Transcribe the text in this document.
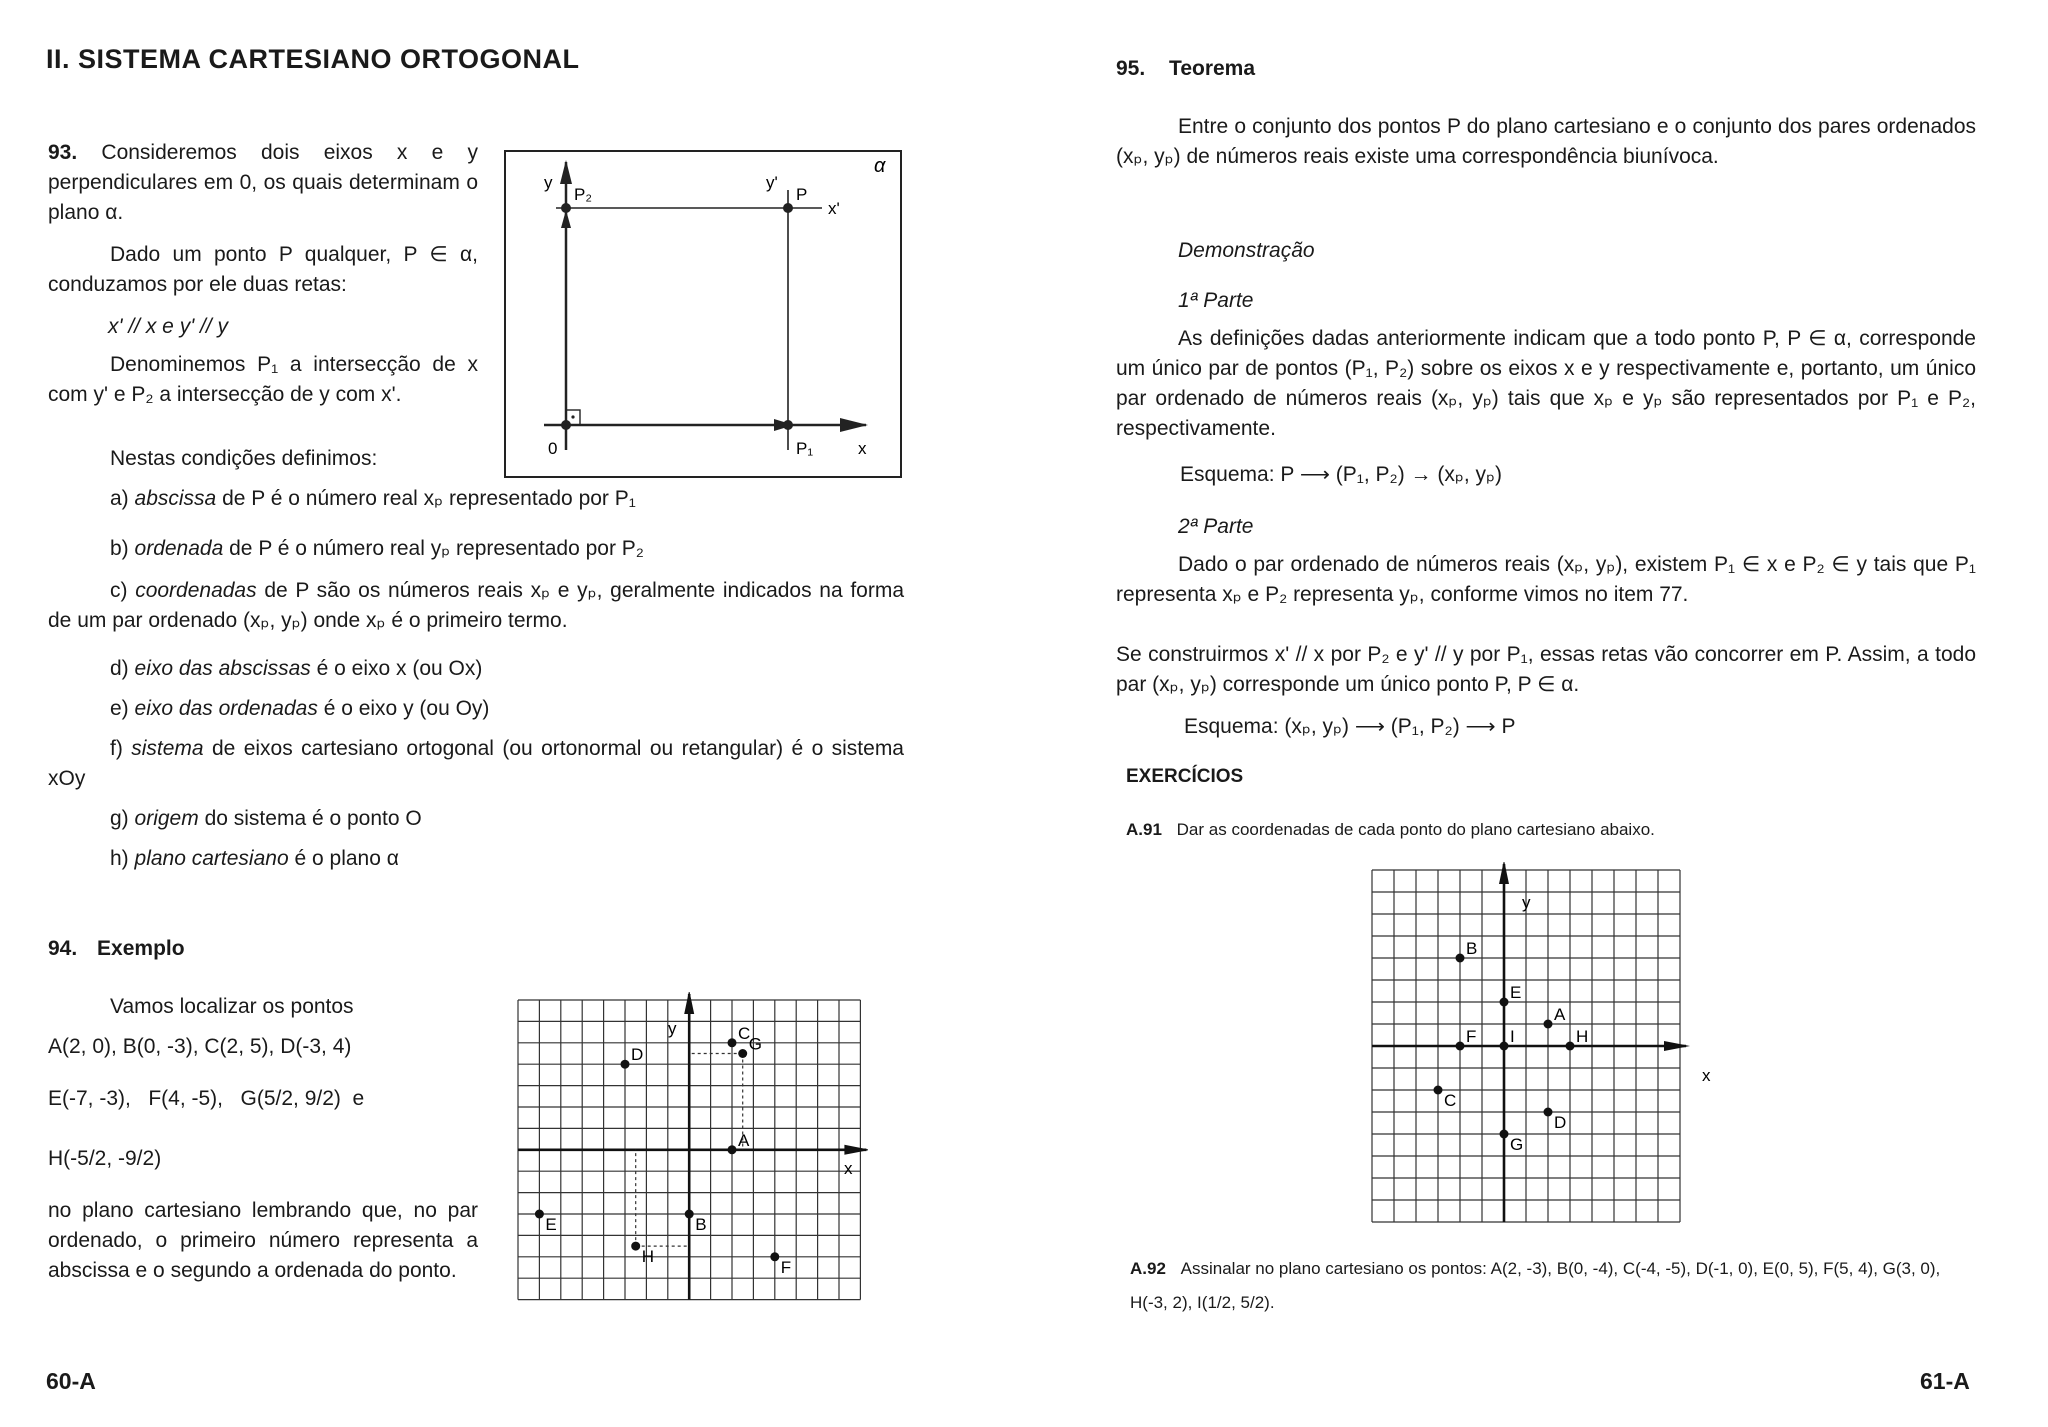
II. SISTEMA CARTESIANO ORTOGONAL
93. Consideremos dois eixos x e y perpendiculares em 0, os quais determinam o plano α.
Dado um ponto P qualquer, P ∈ α, conduzamos por ele duas retas:
x' // x e y' // y
Denominemos P₁ a intersecção de x com y' e P₂ a intersecção de y com x'.
Nestas condições definimos:
a) abscissa de P é o número real xₚ representado por P₁
b) ordenada de P é o número real yₚ representado por P₂
c) coordenadas de P são os números reais xₚ e yₚ, geralmente indicados na forma de um par ordenado (xₚ, yₚ) onde xₚ é o primeiro termo.
d) eixo das abscissas é o eixo x (ou Ox)
e) eixo das ordenadas é o eixo y (ou Oy)
f) sistema de eixos cartesiano ortogonal (ou ortonormal ou retangular) é o sistema xOy
g) origem do sistema é o ponto O
h) plano cartesiano é o plano α
α
y
P₂
y'
P
x'
0	P₁	x
94. Exemplo
Vamos localizar os pontos
A(2, 0), B(0, -3), C(2, 5), D(-3, 4)
E(-7, -3),   F(4, -5),   G(5/2, 9/2)  e
H(-5/2, -9/2)
no plano cartesiano lembrando que, no par ordenado, o primeiro número representa a abscissa e o segundo a ordenada do ponto.
A
B
C
D
E
F
G
H
y
x
60-A
95. Teorema
Entre o conjunto dos pontos P do plano cartesiano e o conjunto dos pares ordenados (xₚ, yₚ) de números reais existe uma correspondência biunívoca.
Demonstração
1ª Parte
As definições dadas anteriormente indicam que a todo ponto P, P ∈ α, corresponde um único par de pontos (P₁, P₂) sobre os eixos x e y respectivamente e, portanto, um único par ordenado de números reais (xₚ, yₚ) tais que xₚ e yₚ são representados por P₁ e P₂, respectivamente.
Esquema: P ⟶ (P₁, P₂) → (xₚ, yₚ)
2ª Parte
Dado o par ordenado de números reais (xₚ, yₚ), existem P₁ ∈ x e P₂ ∈ y tais que P₁ representa xₚ e P₂ representa yₚ, conforme vimos no item 77.
Se construirmos x' // x por P₂ e y' // y por P₁, essas retas vão concorrer em P. Assim, a todo par (xₚ, yₚ) corresponde um único ponto P, P ∈ α.
Esquema: (xₚ, yₚ) ⟶ (P₁, P₂) ⟶ P
EXERCÍCIOS
A.91 Dar as coordenadas de cada ponto do plano cartesiano abaixo.
A
B
C
D
E
F
G
H
I
y
x
A.92 Assinalar no plano cartesiano os pontos: A(2, -3), B(0, -4), C(-4, -5), D(-1, 0), E(0, 5), F(5, 4), G(3, 0), H(-3, 2), I(1/2, 5/2).
61-A
